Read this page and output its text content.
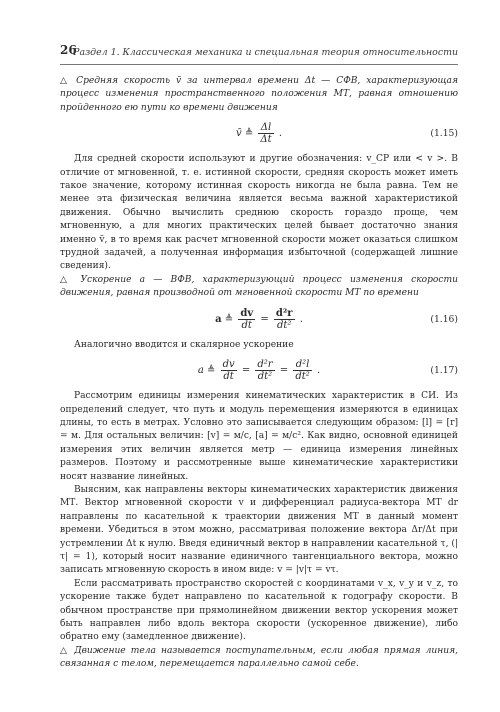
26
Раздел 1. Классическая механика и специальная теория относительности

△ Средняя скорость v̄ за интервал времени Δt — СФВ, характеризующая процесс изменения пространственного положения МТ, равная отношению пройденного ею пути ко времени движения

v̄ ≜ $\frac{\Delta l}{\Delta t}$ .	(1.15)

Для средней скорости используют и другие обозначения: v_CP или < v >. В отличие от мгновенной, т. е. истинной скорости, средняя скорость может иметь такое значение, которому истинная скорость никогда не была равна. Тем не менее эта физическая величина является весьма важной характеристикой движения. Обычно вычислить среднюю скорость гораздо проще, чем мгновенную, а для многих практических целей бывает достаточно знания именно v̄, в то время как расчет мгновенной скорости может оказаться слишком трудной задачей, а полученная информация избыточной (содержащей лишние сведения).

△ Ускорение a — ВФВ, характеризующий процесс изменения скорости движения, равная производной от мгновенной скорости МТ по времени

a ≜ $\frac{dv}{dt} = \frac{\text{d²r}}{\text{dt²}}$ .	(1.16)

Аналогично вводится и скалярное ускорение

a ≜ $\frac{dv}{dt} = \frac{\text{d²r}}{\text{dt²}} = \frac{\text{d²l}}{\text{dt²}}$ .	(1.17)

Рассмотрим единицы измерения кинематических характеристик в СИ. Из определений следует, что путь и модуль перемещения измеряются в единицах длины, то есть в метрах. Условно это записывается следующим образом: [l] = [r] = м. Для остальных величин: [v] = м/с, [a] = м/с². Как видно, основной единицей измерения этих величин является метр — единица измерения линейных размеров. Поэтому и рассмотренные выше кинематические характеристики носят название линейных.

Выясним, как направлены векторы кинематических характеристик движения МТ. Вектор мгновенной скорости v и дифференциал радиуса-вектора МТ dr направлены по касательной к траектории движения МТ в данный момент времени. Убедиться в этом можно, рассматривая положение вектора Δr/Δt при устремлении Δt к нулю. Введя единичный вектор в направлении касательной τ, (|τ| = 1), который носит название единичного тангенциального вектора, можно записать мгновенную скорость в ином виде: v = |v|τ = vτ.

Если рассматривать пространство скоростей с координатами v_x, v_y и v_z, то ускорение также будет направлено по касательной к годографу скорости. В обычном пространстве при прямолинейном движении вектор ускорения может быть направлен либо вдоль вектора скорости (ускоренное движение), либо обратно ему (замедленное движение).

△ Движение тела называется поступательным, если любая прямая линия, связанная с телом, перемещается параллельно самой себе.
